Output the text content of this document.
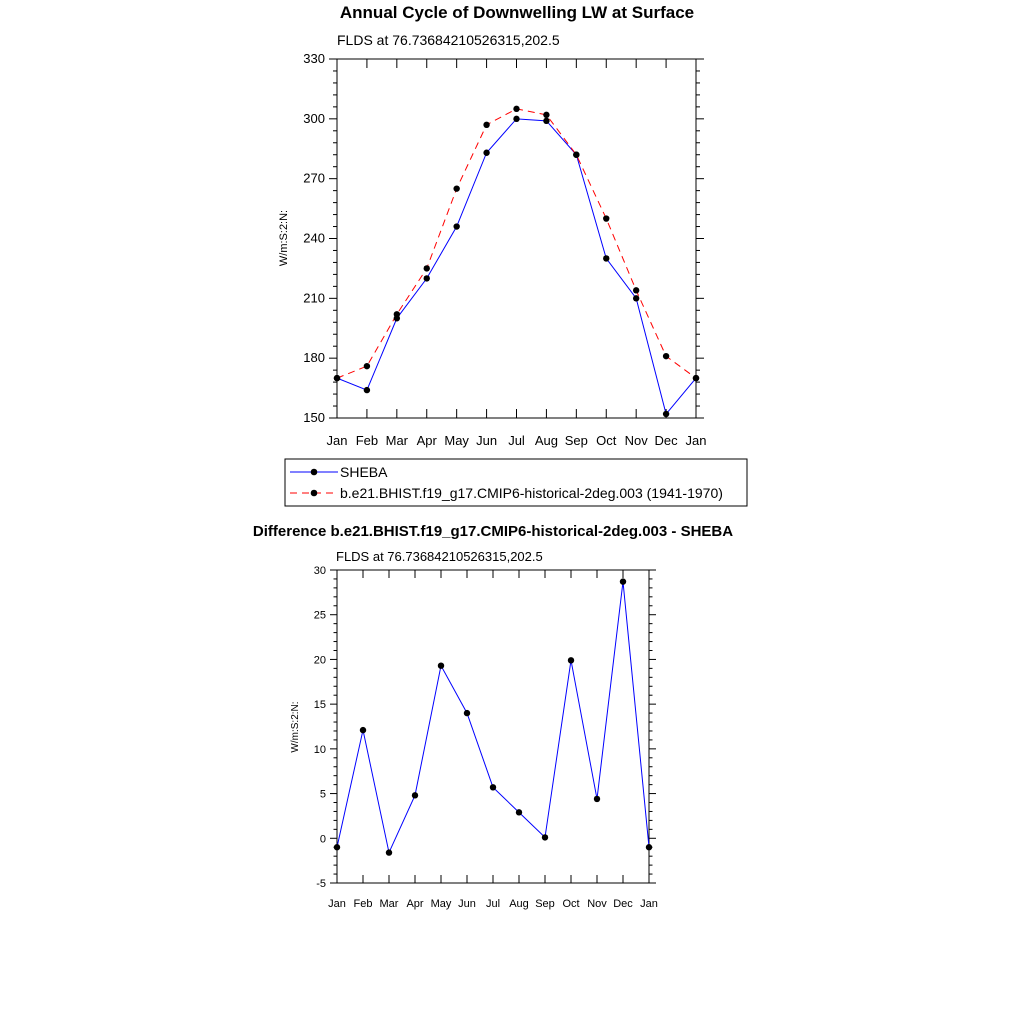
Annual Cycle of Downwelling LW at Surface
FLDS at 76.73684210526315,202.5
W/m:S:2:N:
Jan Feb Mar Apr May Jun Jul Aug Sep Oct Nov Dec Jan
150
180
210
240
270
300
330
SHEBA
b.e21.BHIST.f19_g17.CMIP6-historical-2deg.003 (1941-1970)
Difference b.e21.BHIST.f19_g17.CMIP6-historical-2deg.003 - SHEBA
FLDS at 76.73684210526315,202.5
W/m:S:2:N:
Jan Feb Mar Apr May Jun Jul Aug Sep Oct Nov Dec Jan
-5
0
5
10
15
20
25
30
